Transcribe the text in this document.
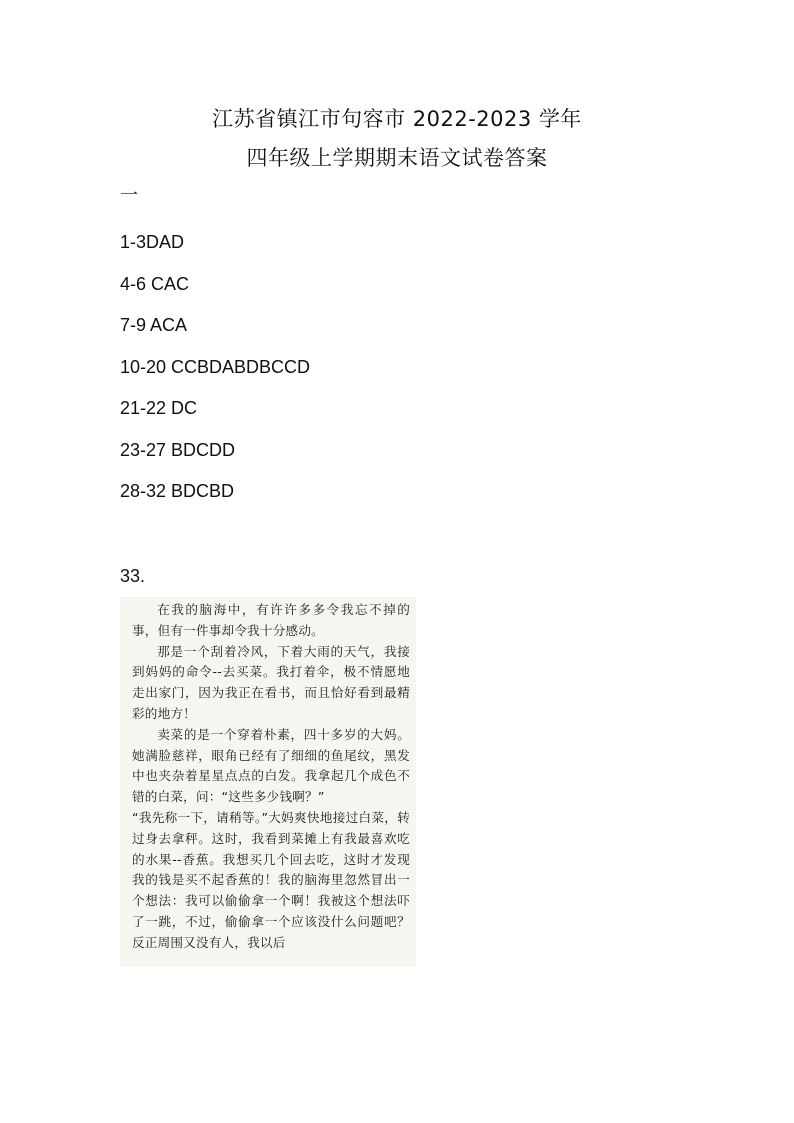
江苏省镇江市句容市 2022-2023 学年
四年级上学期期末语文试卷答案
一
1-3DAD
4-6 CAC
7-9 ACA
10-20 CCBDABDBCCD
21-22 DC
23-27 BDCDD
28-32 BDCBD
33.

在我的脑海中，有许许多多令我忘不掉的事，但有一件事却令我十分感动。

那是一个刮着冷风，下着大雨的天气，我接到妈妈的命令--去买菜。我打着伞，极不情愿地走出家门，因为我正在看书，而且恰好看到最精彩的地方！

卖菜的是一个穿着朴素，四十多岁的大妈。她满脸慈祥，眼角已经有了细细的鱼尾纹，黑发中也夹杂着星星点点的白发。我拿起几个成色不错的白菜，问：“这些多少钱啊？”

“我先称一下，请稍等。”大妈爽快地接过白菜，转过身去拿秤。这时，我看到菜摊上有我最喜欢吃的水果--香蕉。我想买几个回去吃，这时才发现我的钱是买不起香蕉的！我的脑海里忽然冒出一个想法：我可以偷偷拿一个啊！我被这个想法吓了一跳，不过，偷偷拿一个应该没什么问题吧？反正周围又没有人，我以后
